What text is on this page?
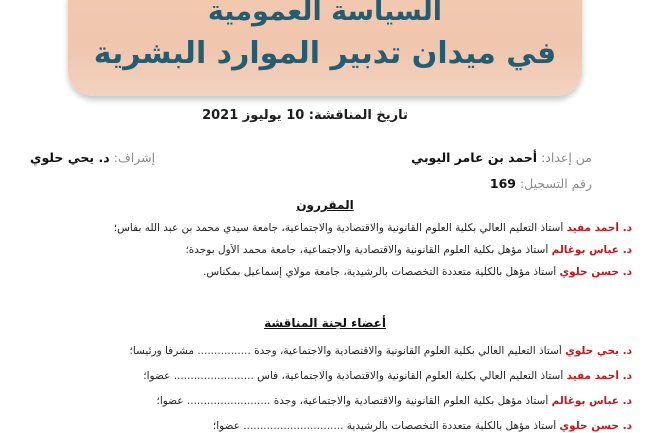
السياسة العمومية
في ميدان تدبير الموارد البشرية
تاريخ المناقشة: 10 يوليوز 2021
من إعداد: أحمد بن عامر اليوبي
إشراف: د. يحي حلوي
رقم التسجيل: 169
المقررون
د. أحمد مفيد أستاذ التعليم العالي بكلية العلوم القانونية والاقتصادية والاجتماعية، جامعة سيدي محمد بن عبد الله بفاس؛
د. عباس بوغالم أستاذ مؤهل بكلية العلوم القانونية والاقتصادية والاجتماعية، جامعة محمد الأول بوجدة؛
د. حسن حلوي أستاذ مؤهل بالكلية متعددة التخصصات بالرشيدية، جامعة مولاي إسماعيل بمكناس.
أعضاء لجنة المناقشة
د. يحي حلوي أستاذ التعليم العالي بكلية العلوم القانونية والاقتصادية والاجتماعية، وجدة ................ مشرفا ورئيسا؛
د. أحمد مفيد أستاذ التعليم العالي بكلية العلوم القانونية والاقتصادية والاجتماعية، فاس ........................ عضوا؛
د. عباس بوغالم أستاذ مؤهل بكلية العلوم القانونية والاقتصادية والاجتماعية، وجدة ......................... عضوا؛
د. حسن حلوي أستاذ مؤهل بالكلية متعددة التخصصات بالرشيدية .............................. عضوا؛
